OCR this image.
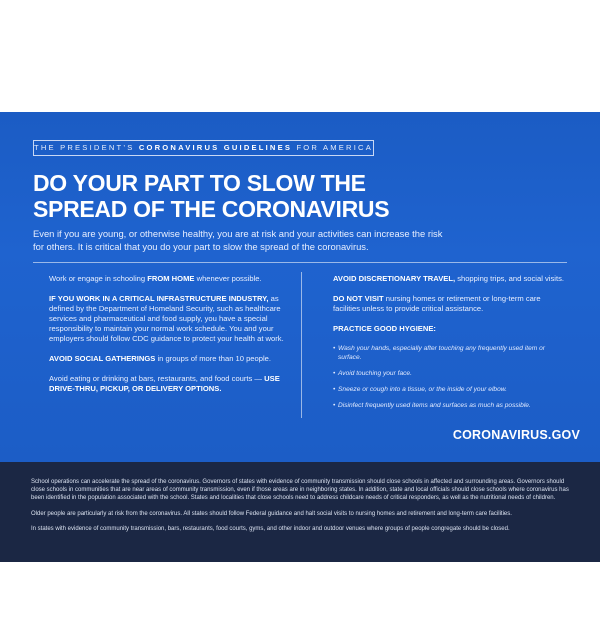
THE PRESIDENT’S CORONAVIRUS GUIDELINES FOR AMERICA
DO YOUR PART TO SLOW THE
SPREAD OF THE CORONAVIRUS

Even if you are young, or otherwise healthy, you are at risk and your activities can increase the risk for others. It is critical that you do your part to slow the spread of the coronavirus.

Work or engage in schooling FROM HOME whenever possible.

IF YOU WORK IN A CRITICAL INFRASTRUCTURE INDUSTRY, as defined by the Department of Homeland Security, such as healthcare services and pharmaceutical and food supply, you have a special responsibility to maintain your normal work schedule. You and your employers should follow CDC guidance to protect your health at work.

AVOID SOCIAL GATHERINGS in groups of more than 10 people.

Avoid eating or drinking at bars, restaurants, and food courts — USE DRIVE-THRU, PICKUP, OR DELIVERY OPTIONS.

AVOID DISCRETIONARY TRAVEL, shopping trips, and social visits.

DO NOT VISIT nursing homes or retirement or long-term care facilities unless to provide critical assistance.

PRACTICE GOOD HYGIENE:

• Wash your hands, especially after touching any frequently used item or surface.
• Avoid touching your face.
• Sneeze or cough into a tissue, or the inside of your elbow.
• Disinfect frequently used items and surfaces as much as possible.
CORONAVIRUS.GOV

School operations can accelerate the spread of the coronavirus. Governors of states with evidence of community transmission should close schools in affected and surrounding areas. Governors should close schools in communities that are near areas of community transmission, even if those areas are in neighboring states. In addition, state and local officials should close schools where coronavirus has been identified in the population associated with the school. States and localities that close schools need to address childcare needs of critical responders, as well as the nutritional needs of children.

Older people are particularly at risk from the coronavirus. All states should follow Federal guidance and halt social visits to nursing homes and retirement and long-term care facilities.

In states with evidence of community transmission, bars, restaurants, food courts, gyms, and other indoor and outdoor venues where groups of people congregate should be closed.
